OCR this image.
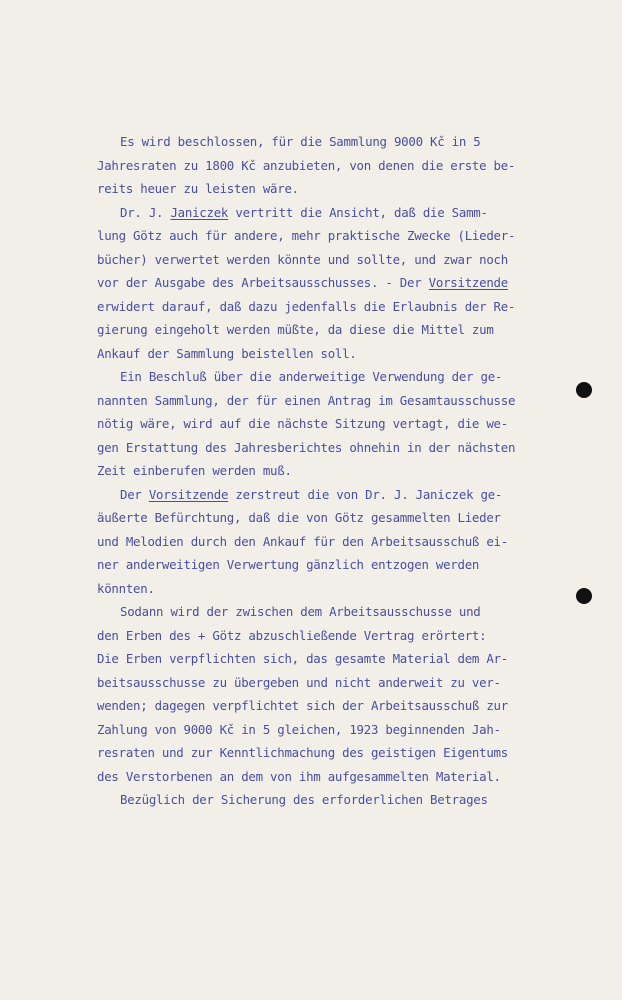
Es wird beschlossen, für die Sammlung 9000 Kč in 5
Jahresraten zu 1800 Kč anzubieten, von denen die erste be-
reits heuer zu leisten wäre.
Dr. J. Janiczek vertritt die Ansicht, daß die Samm-
lung Götz auch für andere, mehr praktische Zwecke (Lieder-
bücher) verwertet werden könnte und sollte, und zwar noch
vor der Ausgabe des Arbeitsausschusses. - Der Vorsitzende
erwidert darauf, daß dazu jedenfalls die Erlaubnis der Re-
gierung eingeholt werden müßte, da diese die Mittel zum
Ankauf der Sammlung beistellen soll.
Ein Beschluß über die anderweitige Verwendung der ge-
nannten Sammlung, der für einen Antrag im Gesamtausschusse
nötig wäre, wird auf die nächste Sitzung vertagt, die we-
gen Erstattung des Jahresberichtes ohnehin in der nächsten
Zeit einberufen werden muß.
Der Vorsitzende zerstreut die von Dr. J. Janiczek ge-
äußerte Befürchtung, daß die von Götz gesammelten Lieder
und Melodien durch den Ankauf für den Arbeitsausschuß ei-
ner anderweitigen Verwertung gänzlich entzogen werden
könnten.
Sodann wird der zwischen dem Arbeitsausschusse und
den Erben des + Götz abzuschließende Vertrag erörtert:
Die Erben verpflichten sich, das gesamte Material dem Ar-
beitsausschusse zu übergeben und nicht anderweit zu ver-
wenden; dagegen verpflichtet sich der Arbeitsausschuß zur
Zahlung von 9000 Kč in 5 gleichen, 1923 beginnenden Jah-
resraten und zur Kenntlichmachung des geistigen Eigentums
des Verstorbenen an dem von ihm aufgesammelten Material.
Bezüglich der Sicherung des erforderlichen Betrages
